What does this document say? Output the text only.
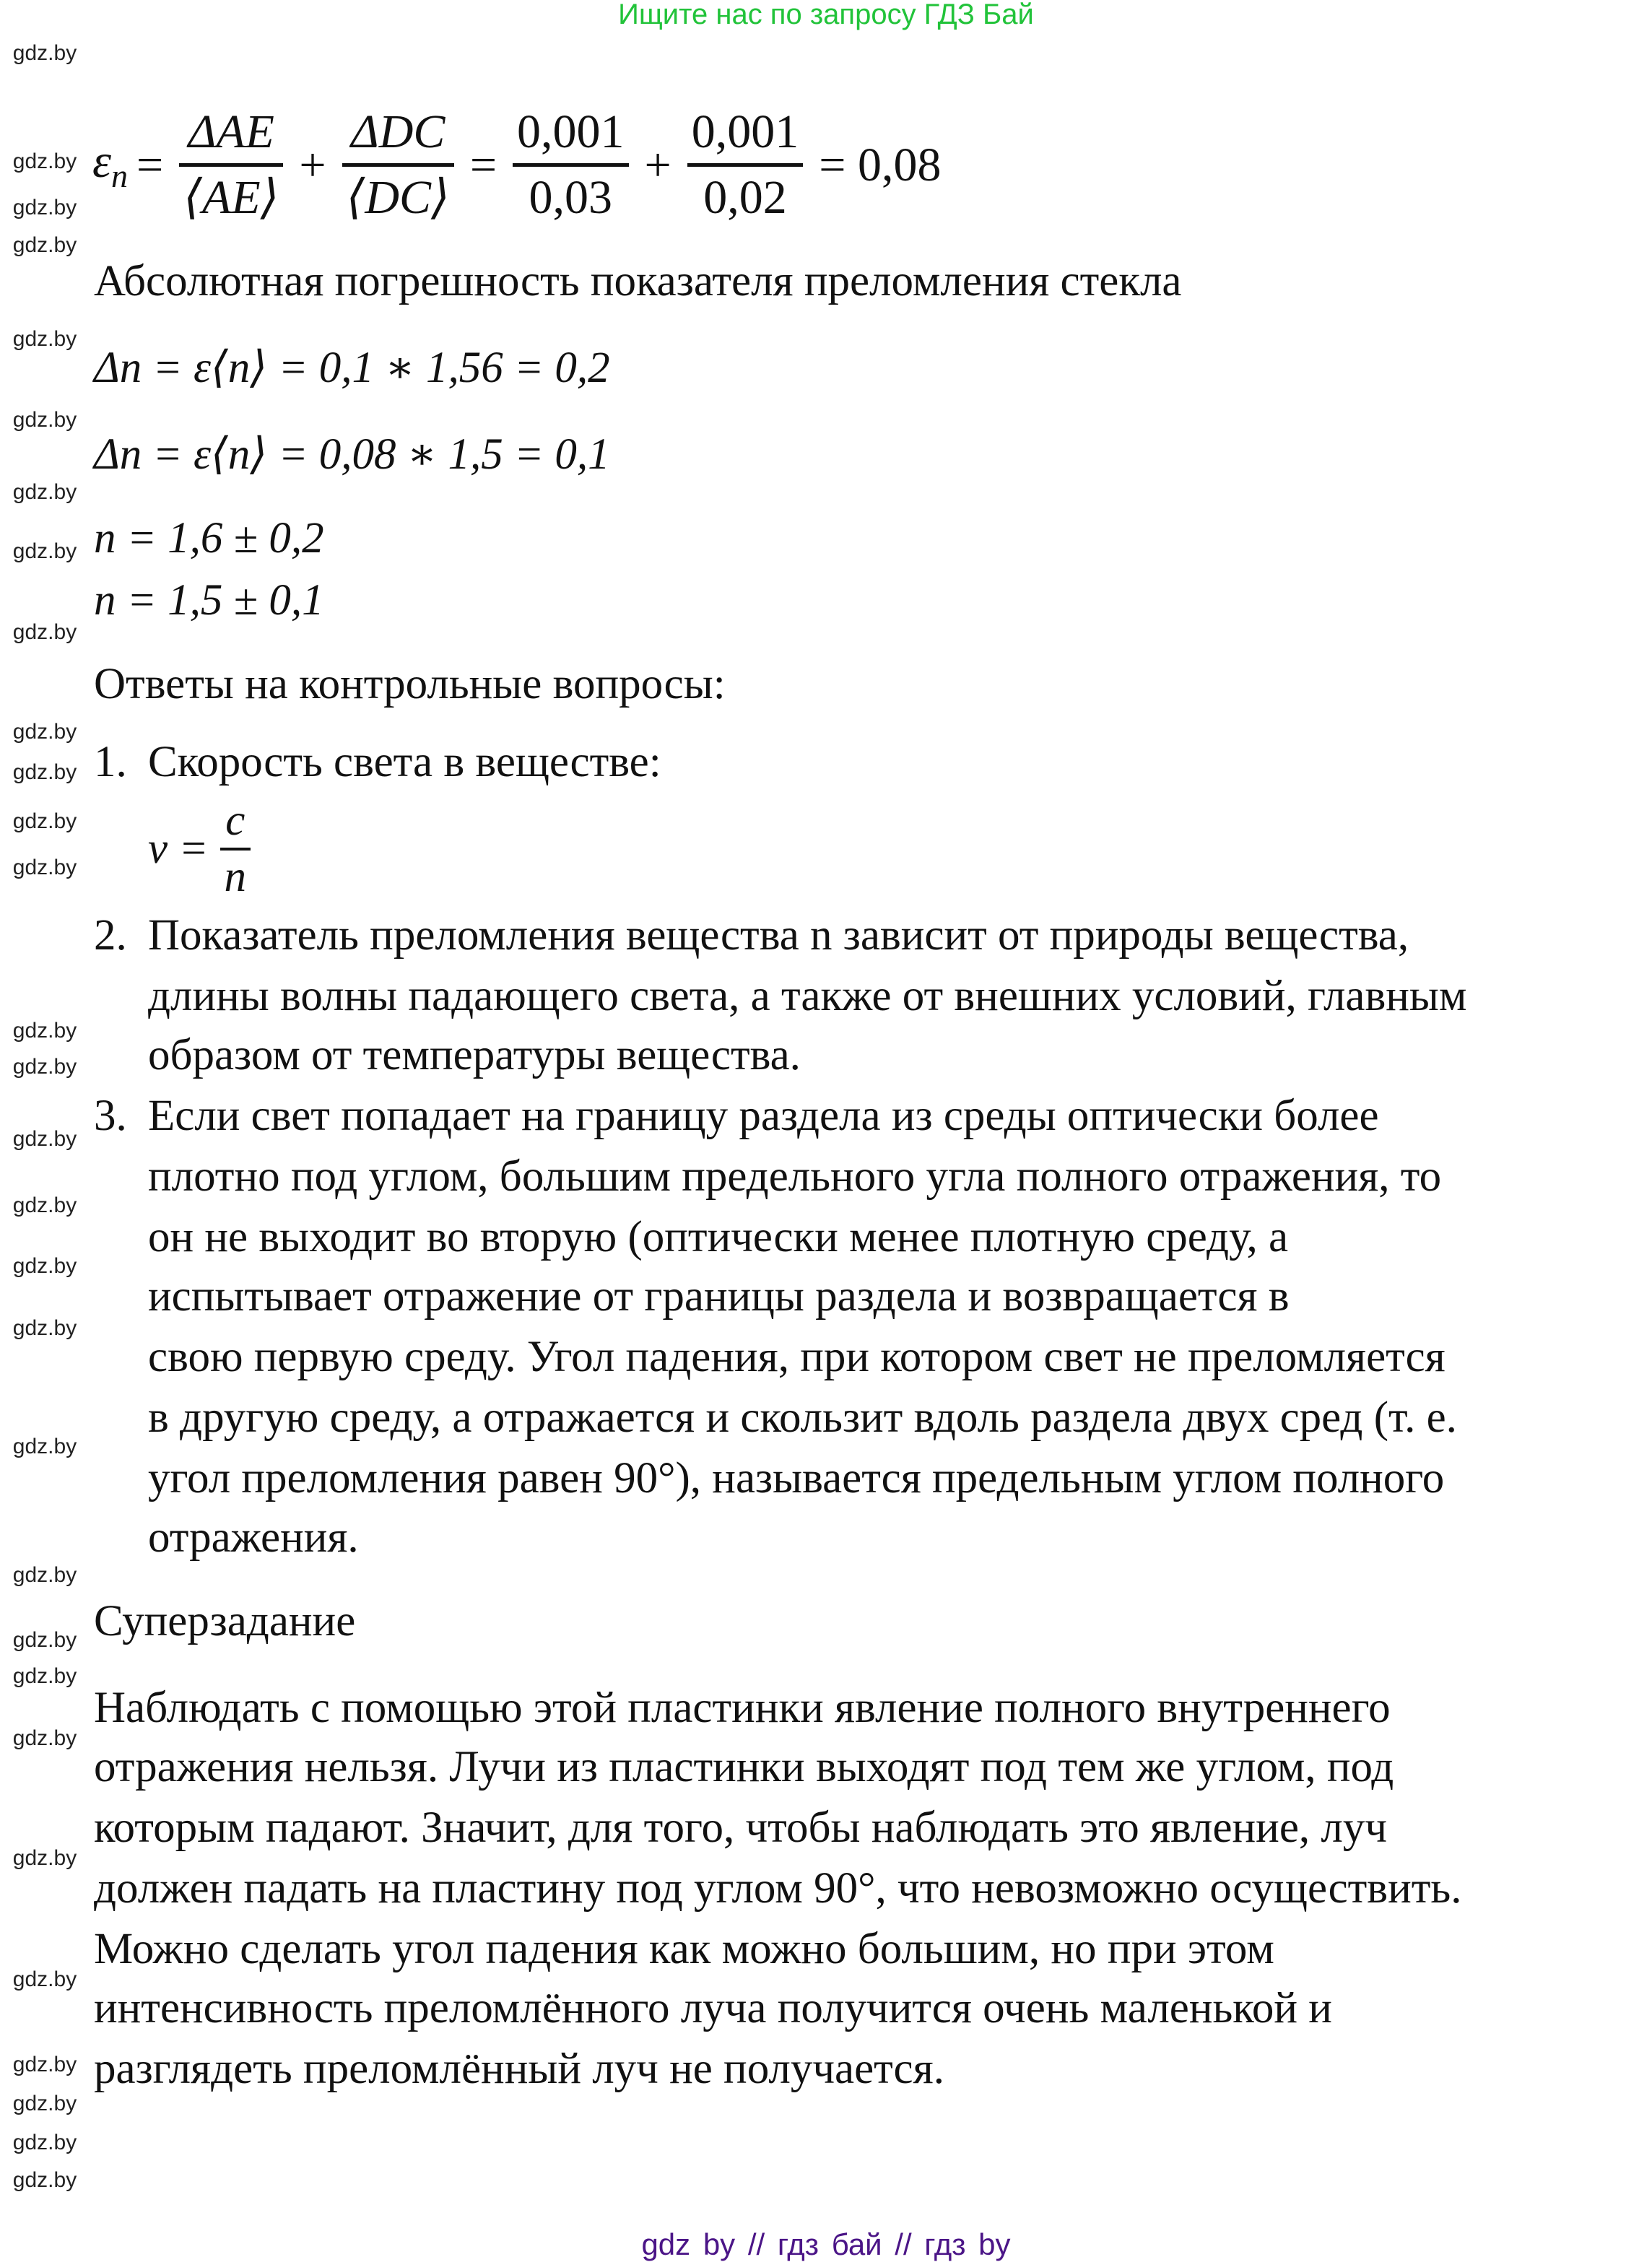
Ищите нас по запросу ГДЗ Бай
$\varepsilon_n$ =
ΔAE
⟨AE⟩
+
ΔDC
⟨DC⟩
=
0,001
0,03
+
0,001
0,02
= 0,08
Абсолютная погрешность показателя преломления стекла
Δn = ε⟨n⟩ = 0,1 ∗ 1,56 = 0,2
Δn = ε⟨n⟩ = 0,08 ∗ 1,5 = 0,1
n = 1,6 ± 0,2
n = 1,5 ± 0,1
Ответы на контрольные вопросы:
1. Скорость света в веществе:
$v = \frac{c}{n}$
2. Показатель преломления вещества n зависит от природы вещества,
длины волны падающего света, а также от внешних условий, главным
образом от температуры вещества.
3. Если свет попадает на границу раздела из среды оптически более
плотно под углом, большим предельного угла полного отражения, то
он не выходит во вторую (оптически менее плотную среду, а
испытывает отражение от границы раздела и возвращается в
свою первую среду. Угол падения, при котором свет не преломляется
в другую среду, а отражается и скользит вдоль раздела двух сред (т. е.
угол преломления равен 90°), называется предельным углом полного
отражения.
Суперзадание
Наблюдать с помощью этой пластинки явление полного внутреннего
отражения нельзя. Лучи из пластинки выходят под тем же углом, под
которым падают. Значит, для того, чтобы наблюдать это явление, луч
должен падать на пластину под углом 90°, что невозможно осуществить.
Можно сделать угол падения как можно большим, но при этом
интенсивность преломлённого луча получится очень маленькой и
разглядеть преломлённый луч не получается.
gdz.by
gdz.by
gdz.by
gdz.by
gdz.by
gdz.by
gdz.by
gdz.by
gdz.by
gdz.by
gdz.by
gdz.by
gdz.by
gdz.by
gdz.by
gdz.by
gdz.by
gdz.by
gdz.by
gdz.by
gdz.by
gdz.by
gdz.by
gdz.by
gdz.by
gdz.by
gdz.by
gdz.by
gdz.by
gdz.by
gdz by // гдз бай // гдз by
